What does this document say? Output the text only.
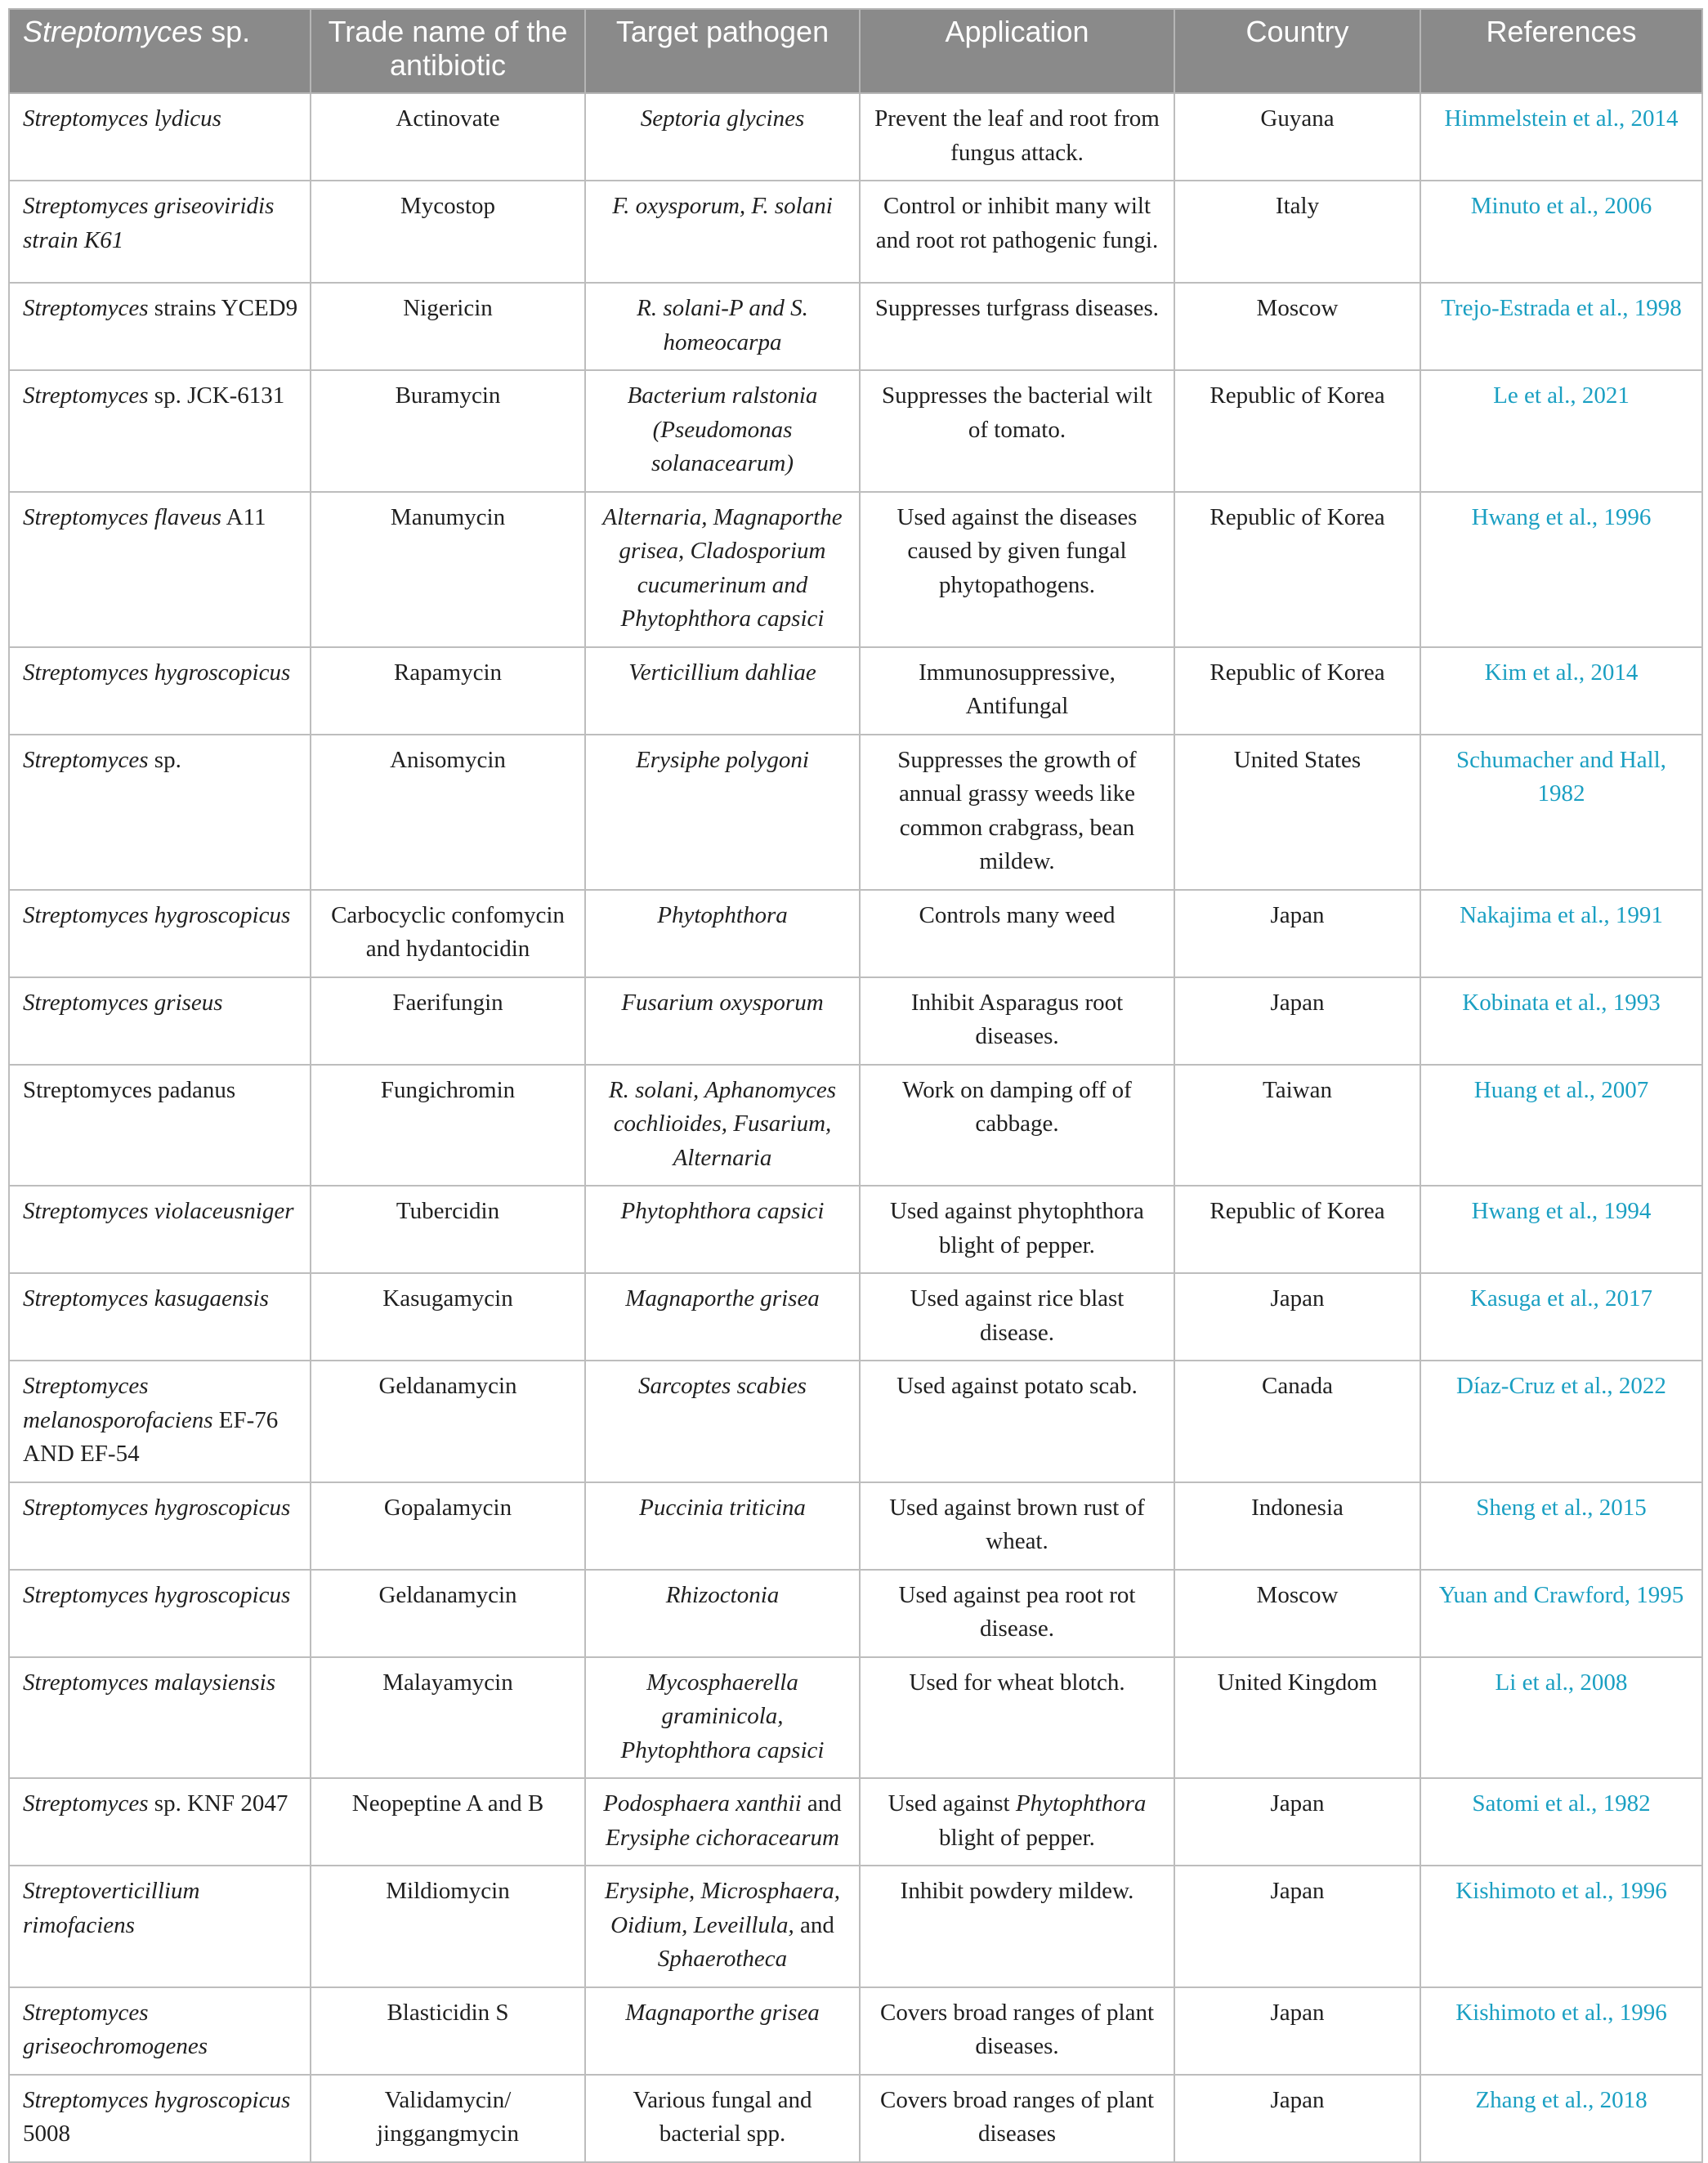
Streptomyces sp.	Trade name of the antibiotic	Target pathogen	Application	Country	References
Streptomyces lydicus	Actinovate	Septoria glycines	Prevent the leaf and root from fungus attack.	Guyana	Himmelstein et al., 2014
Streptomyces griseoviridis strain K61	Mycostop	F. oxysporum, F. solani	Control or inhibit many wilt and root rot pathogenic fungi.	Italy	Minuto et al., 2006
Streptomyces strains YCED9	Nigericin	R. solani-P and S. homeocarpa	Suppresses turfgrass diseases.	Moscow	Trejo-Estrada et al., 1998
Streptomyces sp. JCK-6131	Buramycin	Bacterium ralstonia (Pseudomonas solanacearum)	Suppresses the bacterial wilt of tomato.	Republic of Korea	Le et al., 2021
Streptomyces flaveus A11	Manumycin	Alternaria, Magnaporthe grisea, Cladosporium cucumerinum and Phytophthora capsici	Used against the diseases caused by given fungal phytopathogens.	Republic of Korea	Hwang et al., 1996
Streptomyces hygroscopicus	Rapamycin	Verticillium dahliae	Immunosuppressive, Antifungal	Republic of Korea	Kim et al., 2014
Streptomyces sp.	Anisomycin	Erysiphe polygoni	Suppresses the growth of annual grassy weeds like common crabgrass, bean mildew.	United States	Schumacher and Hall, 1982
Streptomyces hygroscopicus	Carbocyclic confomycin and hydantocidin	Phytophthora	Controls many weed	Japan	Nakajima et al., 1991
Streptomyces griseus	Faerifungin	Fusarium oxysporum	Inhibit Asparagus root diseases.	Japan	Kobinata et al., 1993
Streptomyces padanus	Fungichromin	R. solani, Aphanomyces cochlioides, Fusarium, Alternaria	Work on damping off of cabbage.	Taiwan	Huang et al., 2007
Streptomyces violaceusniger	Tubercidin	Phytophthora capsici	Used against phytophthora blight of pepper.	Republic of Korea	Hwang et al., 1994
Streptomyces kasugaensis	Kasugamycin	Magnaporthe grisea	Used against rice blast disease.	Japan	Kasuga et al., 2017
Streptomyces melanosporofaciens EF-76 AND EF-54	Geldanamycin	Sarcoptes scabies	Used against potato scab.	Canada	Díaz-Cruz et al., 2022
Streptomyces hygroscopicus	Gopalamycin	Puccinia triticina	Used against brown rust of wheat.	Indonesia	Sheng et al., 2015
Streptomyces hygroscopicus	Geldanamycin	Rhizoctonia	Used against pea root rot disease.	Moscow	Yuan and Crawford, 1995
Streptomyces malaysiensis	Malayamycin	Mycosphaerella graminicola, Phytophthora capsici	Used for wheat blotch.	United Kingdom	Li et al., 2008
Streptomyces sp. KNF 2047	Neopeptine A and B	Podosphaera xanthii and Erysiphe cichoracearum	Used against Phytophthora blight of pepper.	Japan	Satomi et al., 1982
Streptoverticillium rimofaciens	Mildiomycin	Erysiphe, Microsphaera, Oidium, Leveillula, and Sphaerotheca	Inhibit powdery mildew.	Japan	Kishimoto et al., 1996
Streptomyces griseochromogenes	Blasticidin S	Magnaporthe grisea	Covers broad ranges of plant diseases.	Japan	Kishimoto et al., 1996
Streptomyces hygroscopicus 5008	Validamycin/ jinggangmycin	Various fungal and bacterial spp.	Covers broad ranges of plant diseases	Japan	Zhang et al., 2018
